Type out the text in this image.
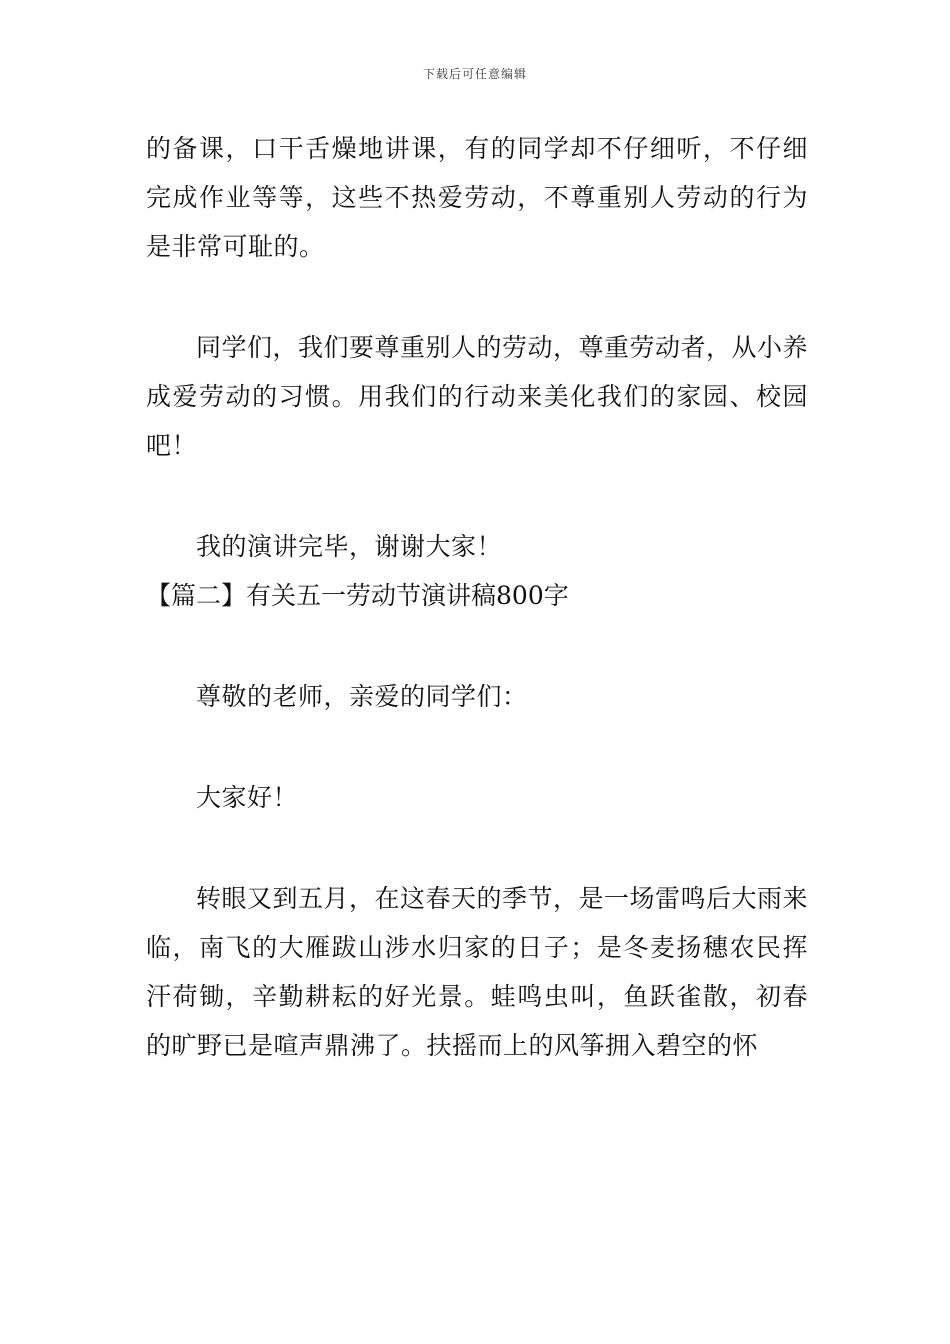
下载后可任意编辑

的备课，口干舌燥地讲课，有的同学却不仔细听，不仔细完成作业等等，这些不热爱劳动，不尊重别人劳动的行为是非常可耻的。

同学们，我们要尊重别人的劳动，尊重劳动者，从小养成爱劳动的习惯。用我们的行动来美化我们的家园、校园吧！

我的演讲完毕，谢谢大家！

【篇二】有关五一劳动节演讲稿800字

尊敬的老师，亲爱的同学们：

大家好！

转眼又到五月，在这春天的季节，是一场雷鸣后大雨来临，南飞的大雁跋山涉水归家的日子；是冬麦扬穗农民挥汗荷锄，辛勤耕耘的好光景。蛙鸣虫叫，鱼跃雀散，初春的旷野已是喧声鼎沸了。扶摇而上的风筝拥入碧空的怀
